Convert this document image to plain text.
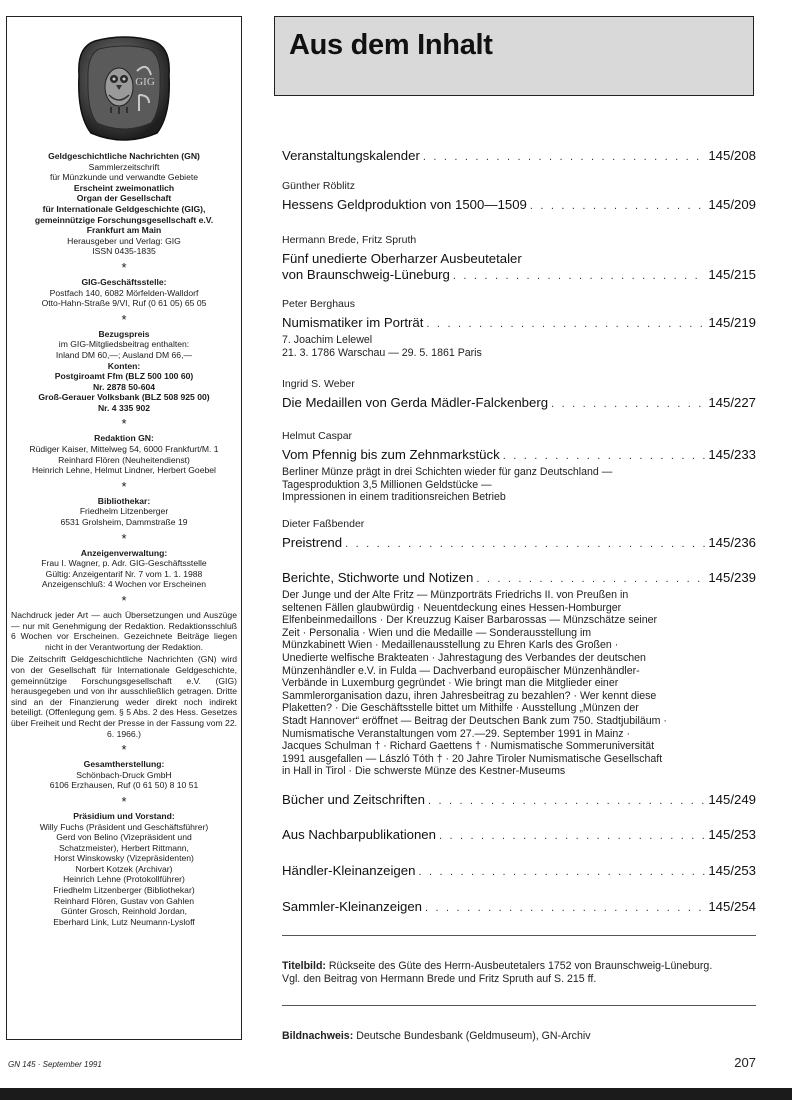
GIG
Geldgeschichtliche Nachrichten (GN)
Sammlerzeitschrift
für Münzkunde und verwandte Gebiete
Erscheint zweimonatlich
Organ der Gesellschaft
für Internationale Geldgeschichte (GIG),
gemeinnützige Forschungsgesellschaft e.V.
Frankfurt am Main
Herausgeber und Verlag: GIG
ISSN 0435-1835
*
GIG-Geschäftsstelle:
Postfach 140, 6082 Mörfelden-Walldorf
Otto-Hahn-Straße 9/VI, Ruf (0 61 05) 65 05
*
Bezugspreis
im GIG-Mitgliedsbeitrag enthalten:
Inland DM 60,—; Ausland DM 66,—
Konten:
Postgiroamt Ffm (BLZ 500 100 60)
Nr. 2878 50-604
Groß-Gerauer Volksbank (BLZ 508 925 00)
Nr. 4 335 902
*
Redaktion GN:
Rüdiger Kaiser, Mittelweg 54, 6000 Frankfurt/M. 1
Reinhard Flören (Neuheitendienst)
Heinrich Lehne, Helmut Lindner, Herbert Goebel
*
Bibliothekar:
Friedhelm Litzenberger
6531 Grolsheim, Dammstraße 19
*
Anzeigenverwaltung:
Frau I. Wagner, p. Adr. GIG-Geschäftsstelle
Gültig: Anzeigentarif Nr. 7 vom 1. 1. 1988
Anzeigenschluß: 4 Wochen vor Erscheinen
*
Nachdruck jeder Art — auch Übersetzungen und Auszüge — nur mit Genehmigung der Redaktion. Redaktionsschluß 6 Wochen vor Erscheinen. Gezeichnete Beiträge liegen nicht in der Verantwortung der Redaktion.
Die Zeitschrift Geldgeschichtliche Nachrichten (GN) wird von der Gesellschaft für Internationale Geldgeschichte, gemeinnützige Forschungsgesellschaft e.V. (GIG) herausgegeben und von ihr ausschließlich getragen. Dritte sind an der Finanzierung weder direkt noch indirekt beteiligt. (Offenlegung gem. § 5 Abs. 2 des Hess. Gesetzes über Freiheit und Recht der Presse in der Fassung vom 22. 6. 1966.)
*
Gesamtherstellung:
Schönbach-Druck GmbH
6106 Erzhausen, Ruf (0 61 50) 8 10 51
*
Präsidium und Vorstand:
Willy Fuchs (Präsident und Geschäftsführer)
Gerd von Belino (Vizepräsident und
Schatzmeister), Herbert Rittmann,
Horst Winskowsky (Vizepräsidenten)
Norbert Kotzek (Archivar)
Heinrich Lehne (Protokollführer)
Friedhelm Litzenberger (Bibliothekar)
Reinhard Flören, Gustav von Gahlen
Günter Grosch, Reinhold Jordan,
Eberhard Link, Lutz Neumann-Lysloff
Aus dem Inhalt
Veranstaltungskalender . . .	145/208
Günther Röblitz
Hessens Geldproduktion von 1500—1509 . . .	145/209
Hermann Brede, Fritz Spruth
Fünf unedierte Oberharzer Ausbeutetaler
von Braunschweig-Lüneburg . . .	145/215
Peter Berghaus
Numismatiker im Porträt . . .	145/219
7. Joachim Lelewel
21. 3. 1786 Warschau — 29. 5. 1861 Paris
Ingrid S. Weber
Die Medaillen von Gerda Mädler-Falckenberg . . .	145/227
Helmut Caspar
Vom Pfennig bis zum Zehnmarkstück . . .	145/233
Berliner Münze prägt in drei Schichten wieder für ganz Deutschland —
Tagesproduktion 3,5 Millionen Geldstücke —
Impressionen in einem traditionsreichen Betrieb
Dieter Faßbender
Preistrend . . .	145/236
Berichte, Stichworte und Notizen . . .	145/239
Der Junge und der Alte Fritz — Münzporträts Friedrichs II. von Preußen in
seltenen Fällen glaubwürdig · Neuentdeckung eines Hessen-Homburger
Elfenbeinmedaillons · Der Kreuzzug Kaiser Barbarossas — Münzschätze seiner
Zeit · Personalia · Wien und die Medaille — Sonderausstellung im
Münzkabinett Wien · Medaillenausstellung zu Ehren Karls des Großen ·
Unedierte welfische Brakteaten · Jahrestagung des Verbandes der deutschen
Münzenhändler e.V. in Fulda — Dachverband europäischer Münzenhändler-
Verbände in Luxemburg gegründet · Wie bringt man die Mitglieder einer
Sammlerorganisation dazu, ihren Jahresbeitrag zu bezahlen? · Wer kennt diese
Plaketten? · Die Geschäftsstelle bittet um Mithilfe · Ausstellung „Münzen der
Stadt Hannover“ eröffnet — Beitrag der Deutschen Bank zum 750. Stadtjubiläum ·
Numismatische Veranstaltungen vom 27.—29. September 1991 in Mainz ·
Jacques Schulman † · Richard Gaettens † · Numismatische Sommeruniversität
1991 ausgefallen — László Tóth † · 20 Jahre Tiroler Numismatische Gesellschaft
in Hall in Tirol · Die schwerste Münze des Kestner-Museums
Bücher und Zeitschriften . . .	145/249
Aus Nachbarpublikationen . . .	145/253
Händler-Kleinanzeigen . . .	145/253
Sammler-Kleinanzeigen . . .	145/254
Titelbild: Rückseite des Güte des Herrn-Ausbeutetalers 1752 von Braunschweig-Lüneburg.
Vgl. den Beitrag von Hermann Brede und Fritz Spruth auf S. 215 ff.
Bildnachweis: Deutsche Bundesbank (Geldmuseum), GN-Archiv
GN 145 · September 1991	207
